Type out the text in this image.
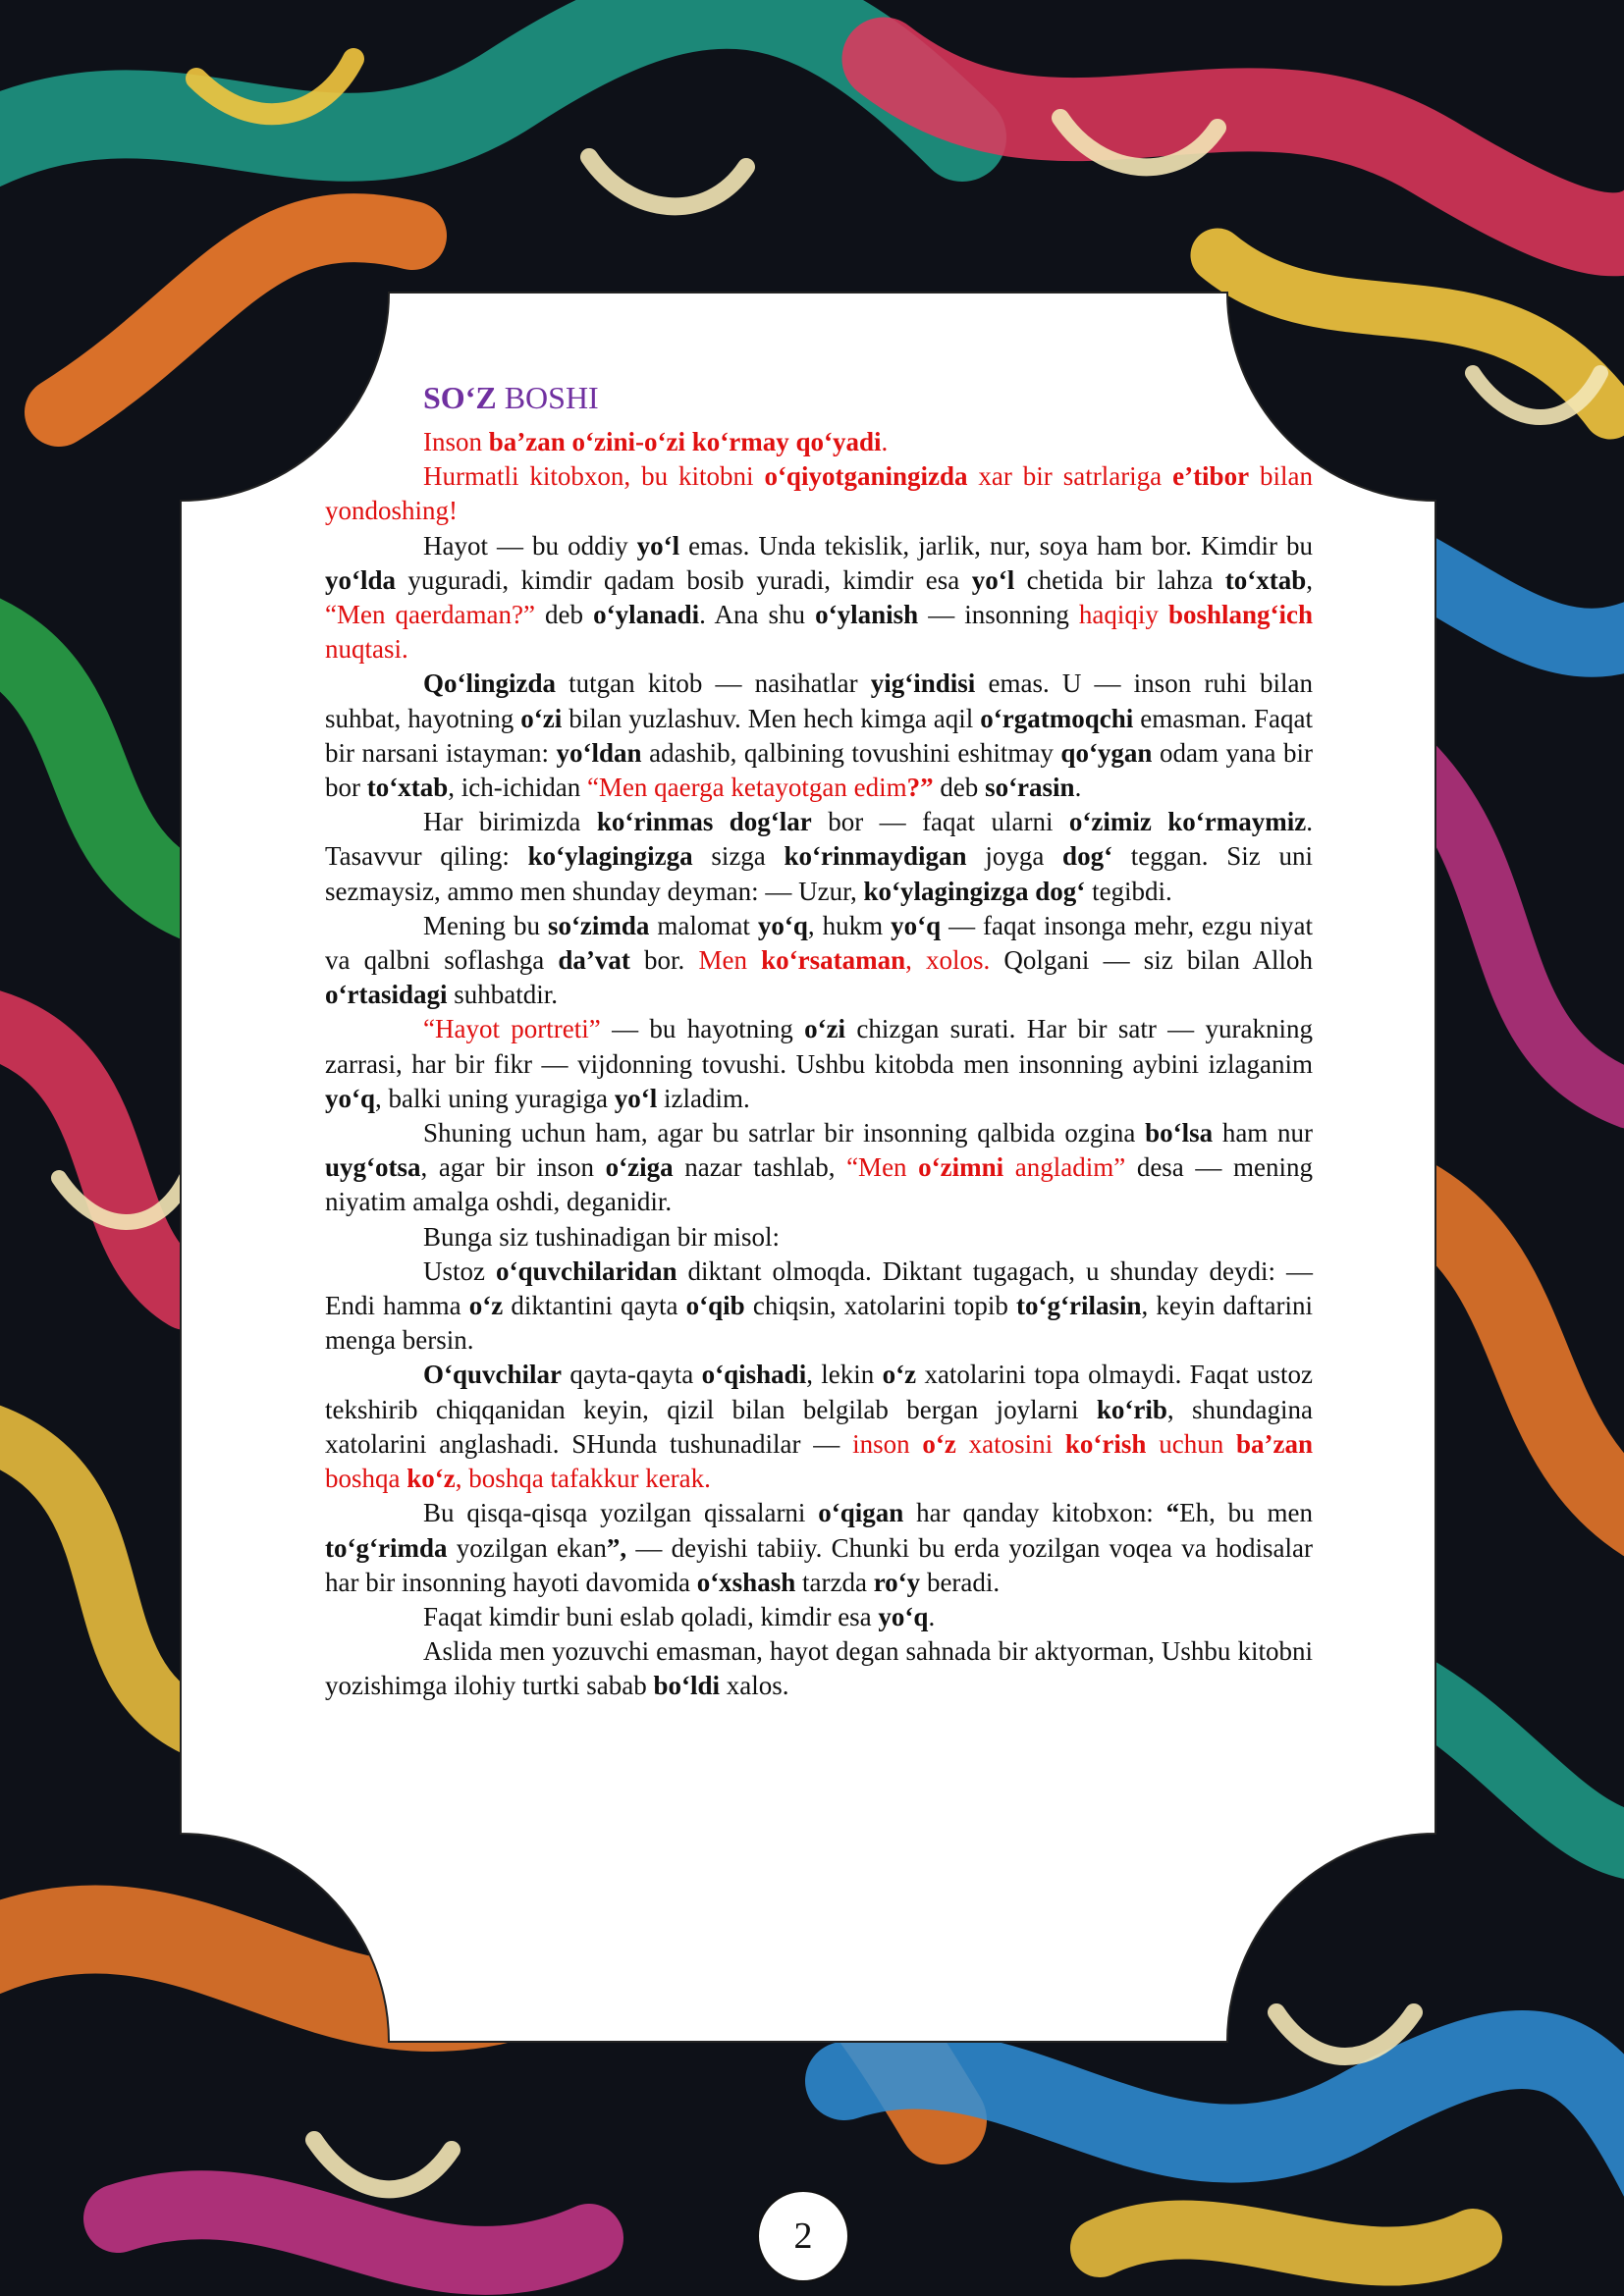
SO‘Z BOSHI

Inson ba’zan o‘zini-o‘zi ko‘rmay qo‘yadi.

Hurmatli kitobxon, bu kitobni o‘qiyotganingizda xar bir satrlariga e’tibor bilan yondoshing!

Hayot — bu oddiy yo‘l emas. Unda tekislik, jarlik, nur, soya ham bor. Kimdir bu yo‘lda yuguradi, kimdir qadam bosib yuradi, kimdir esa yo‘l chetida bir lahza to‘xtab, “Men qaerdaman?” deb o‘ylanadi. Ana shu o‘ylanish — insonning haqiqiy boshlang‘ich nuqtasi.

Qo‘lingizda tutgan kitob — nasihatlar yig‘indisi emas. U — inson ruhi bilan suhbat, hayotning o‘zi bilan yuzlashuv. Men hech kimga aqil o‘rgatmoqchi emasman. Faqat bir narsani istayman: yo‘ldan adashib, qalbining tovushini eshitmay qo‘ygan odam yana bir bor to‘xtab, ich-ichidan “Men qaerga ketayotgan edim?” deb so‘rasin.

Har birimizda ko‘rinmas dog‘lar bor — faqat ularni o‘zimiz ko‘rmaymiz. Tasavvur qiling: ko‘ylagingizga sizga ko‘rinmaydigan joyga dog‘ teggan. Siz uni sezmaysiz, ammo men shunday deyman: — Uzur, ko‘ylagingizga dog‘ tegibdi.

Mening bu so‘zimda malomat yo‘q, hukm yo‘q — faqat insonga mehr, ezgu niyat va qalbni soflashga da’vat bor. Men ko‘rsataman, xolos. Qolgani — siz bilan Alloh o‘rtasidagi suhbatdir.

“Hayot portreti” — bu hayotning o‘zi chizgan surati. Har bir satr — yurakning zarrasi, har bir fikr — vijdonning tovushi. Ushbu kitobda men insonning aybini izlaganim yo‘q, balki uning yuragiga yo‘l izladim.

Shuning uchun ham, agar bu satrlar bir insonning qalbida ozgina bo‘lsa ham nur uyg‘otsa, agar bir inson o‘ziga nazar tashlab, “Men o‘zimni angladim” desa — mening niyatim amalga oshdi, deganidir.

Bunga siz tushinadigan bir misol:

Ustoz o‘quvchilaridan diktant olmoqda. Diktant tugagach, u shunday deydi: — Endi hamma o‘z diktantini qayta o‘qib chiqsin, xatolarini topib to‘g‘rilasin, keyin daftarini menga bersin.

O‘quvchilar qayta-qayta o‘qishadi, lekin o‘z xatolarini topa olmaydi. Faqat ustoz tekshirib chiqqanidan keyin, qizil bilan belgilab bergan joylarni ko‘rib, shundagina xatolarini anglashadi. SHunda tushunadilar — inson o‘z xatosini ko‘rish uchun ba’zan boshqa ko‘z, boshqa tafakkur kerak.

Bu qisqa-qisqa yozilgan qissalarni o‘qigan har qanday kitobxon: “Eh, bu men to‘g‘rimda yozilgan ekan”, — deyishi tabiiy. Chunki bu erda yozilgan voqea va hodisalar har bir insonning hayoti davomida o‘xshash tarzda ro‘y beradi.

Faqat kimdir buni eslab qoladi, kimdir esa yo‘q.

Aslida men yozuvchi emasman, hayot degan sahnada bir aktyorman, Ushbu kitobni yozishimga ilohiy turtki sabab bo‘ldi xalos.

2
